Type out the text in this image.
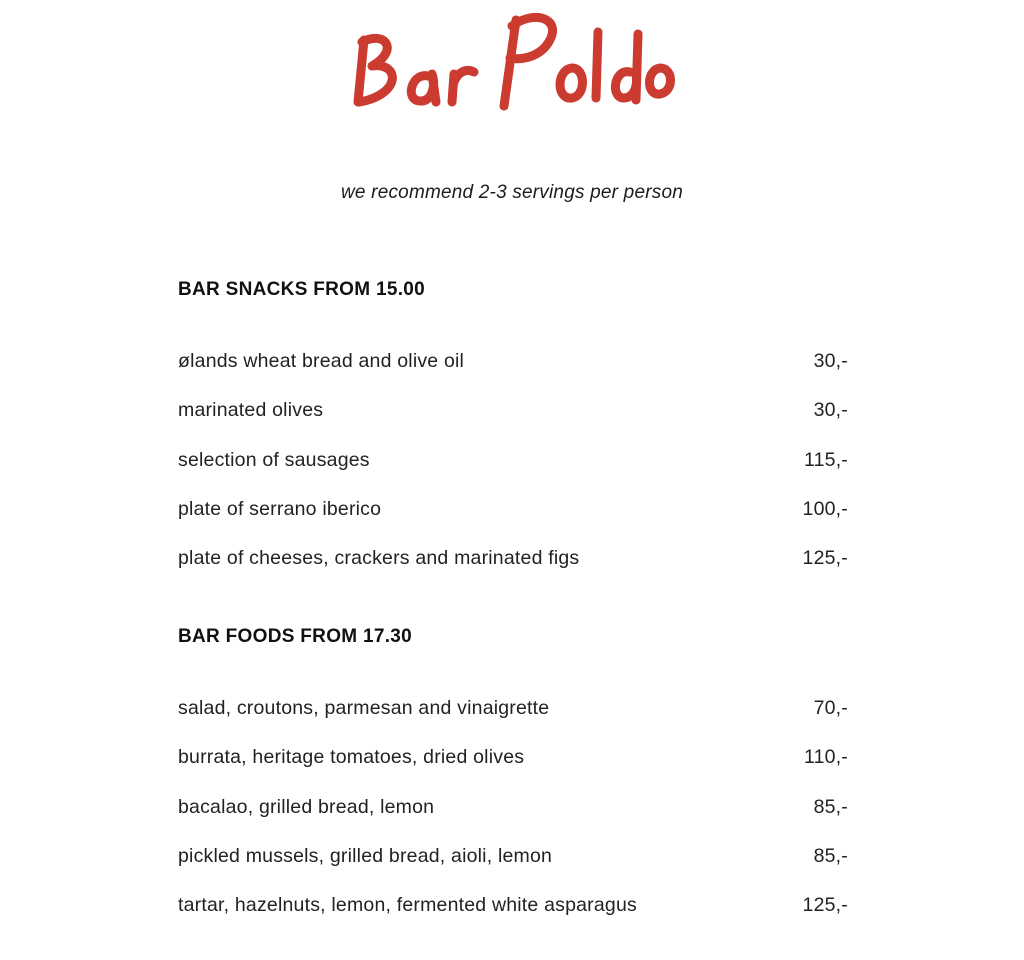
we recommend 2-3 servings per person
BAR SNACKS FROM 15.00
ølands wheat bread and olive oil	30,-
marinated olives	30,-
selection of sausages	115,-
plate of serrano iberico	100,-
plate of cheeses, crackers and marinated figs	125,-
BAR FOODS FROM 17.30
salad, croutons, parmesan and vinaigrette	70,-
burrata, heritage tomatoes, dried olives	110,-
bacalao, grilled bread, lemon	85,-
pickled mussels, grilled bread, aioli, lemon	85,-
tartar, hazelnuts, lemon, fermented white asparagus	125,-
